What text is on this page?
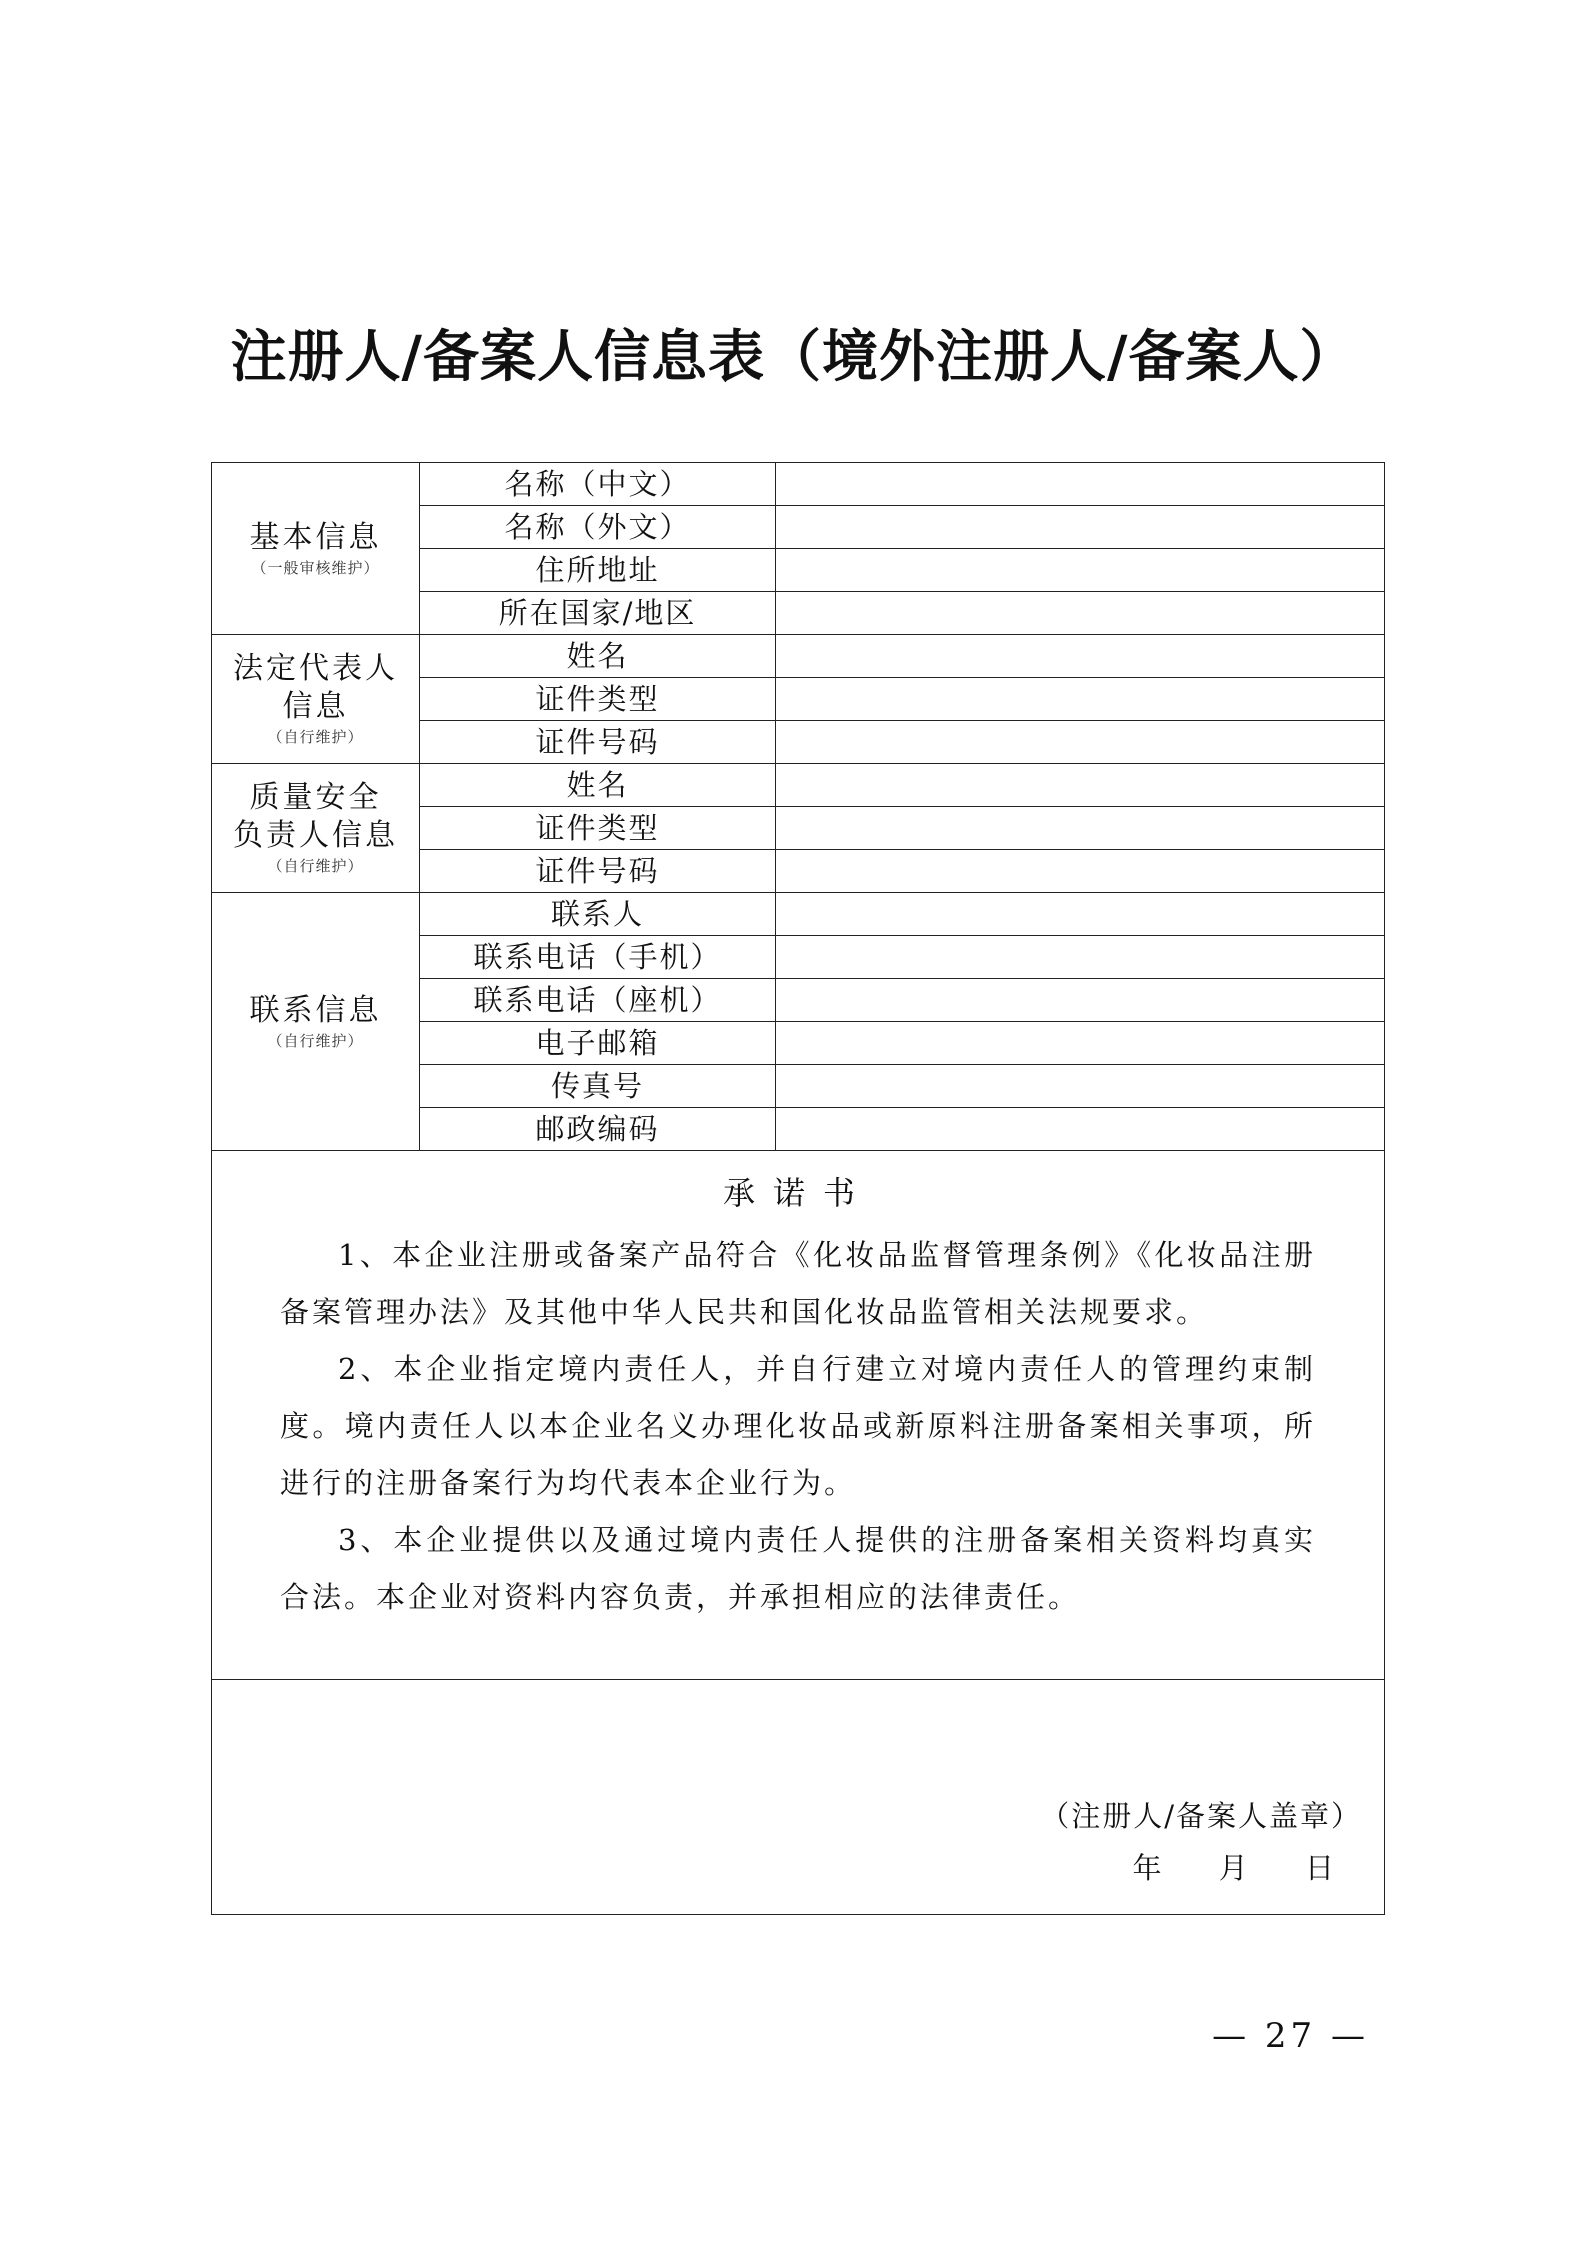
注册人/备案人信息表（境外注册人/备案人）
基本信息
（一般审核维护）	名称（中文）	
	名称（外文）	
	住所地址	
	所在国家/地区	

法定代表人
信息
（自行维护）	姓名	
	证件类型	
	证件号码	

质量安全
负责人信息
（自行维护）	姓名	
	证件类型	
	证件号码	

联系信息
（自行维护）	联系人	
	联系电话（手机）	
	联系电话（座机）	
	电子邮箱	
	传真号	
	邮政编码	

承诺书

1、本企业注册或备案产品符合《化妆品监督管理条例》《化妆品注册备案管理办法》及其他中华人民共和国化妆品监管相关法规要求。

2、本企业指定境内责任人，并自行建立对境内责任人的管理约束制度。境内责任人以本企业名义办理化妆品或新原料注册备案相关事项，所进行的注册备案行为均代表本企业行为。

3、本企业提供以及通过境内责任人提供的注册备案相关资料均真实合法。本企业对资料内容负责，并承担相应的法律责任。		

（注册人/备案人盖章）
年 月 日		
— 27 —
